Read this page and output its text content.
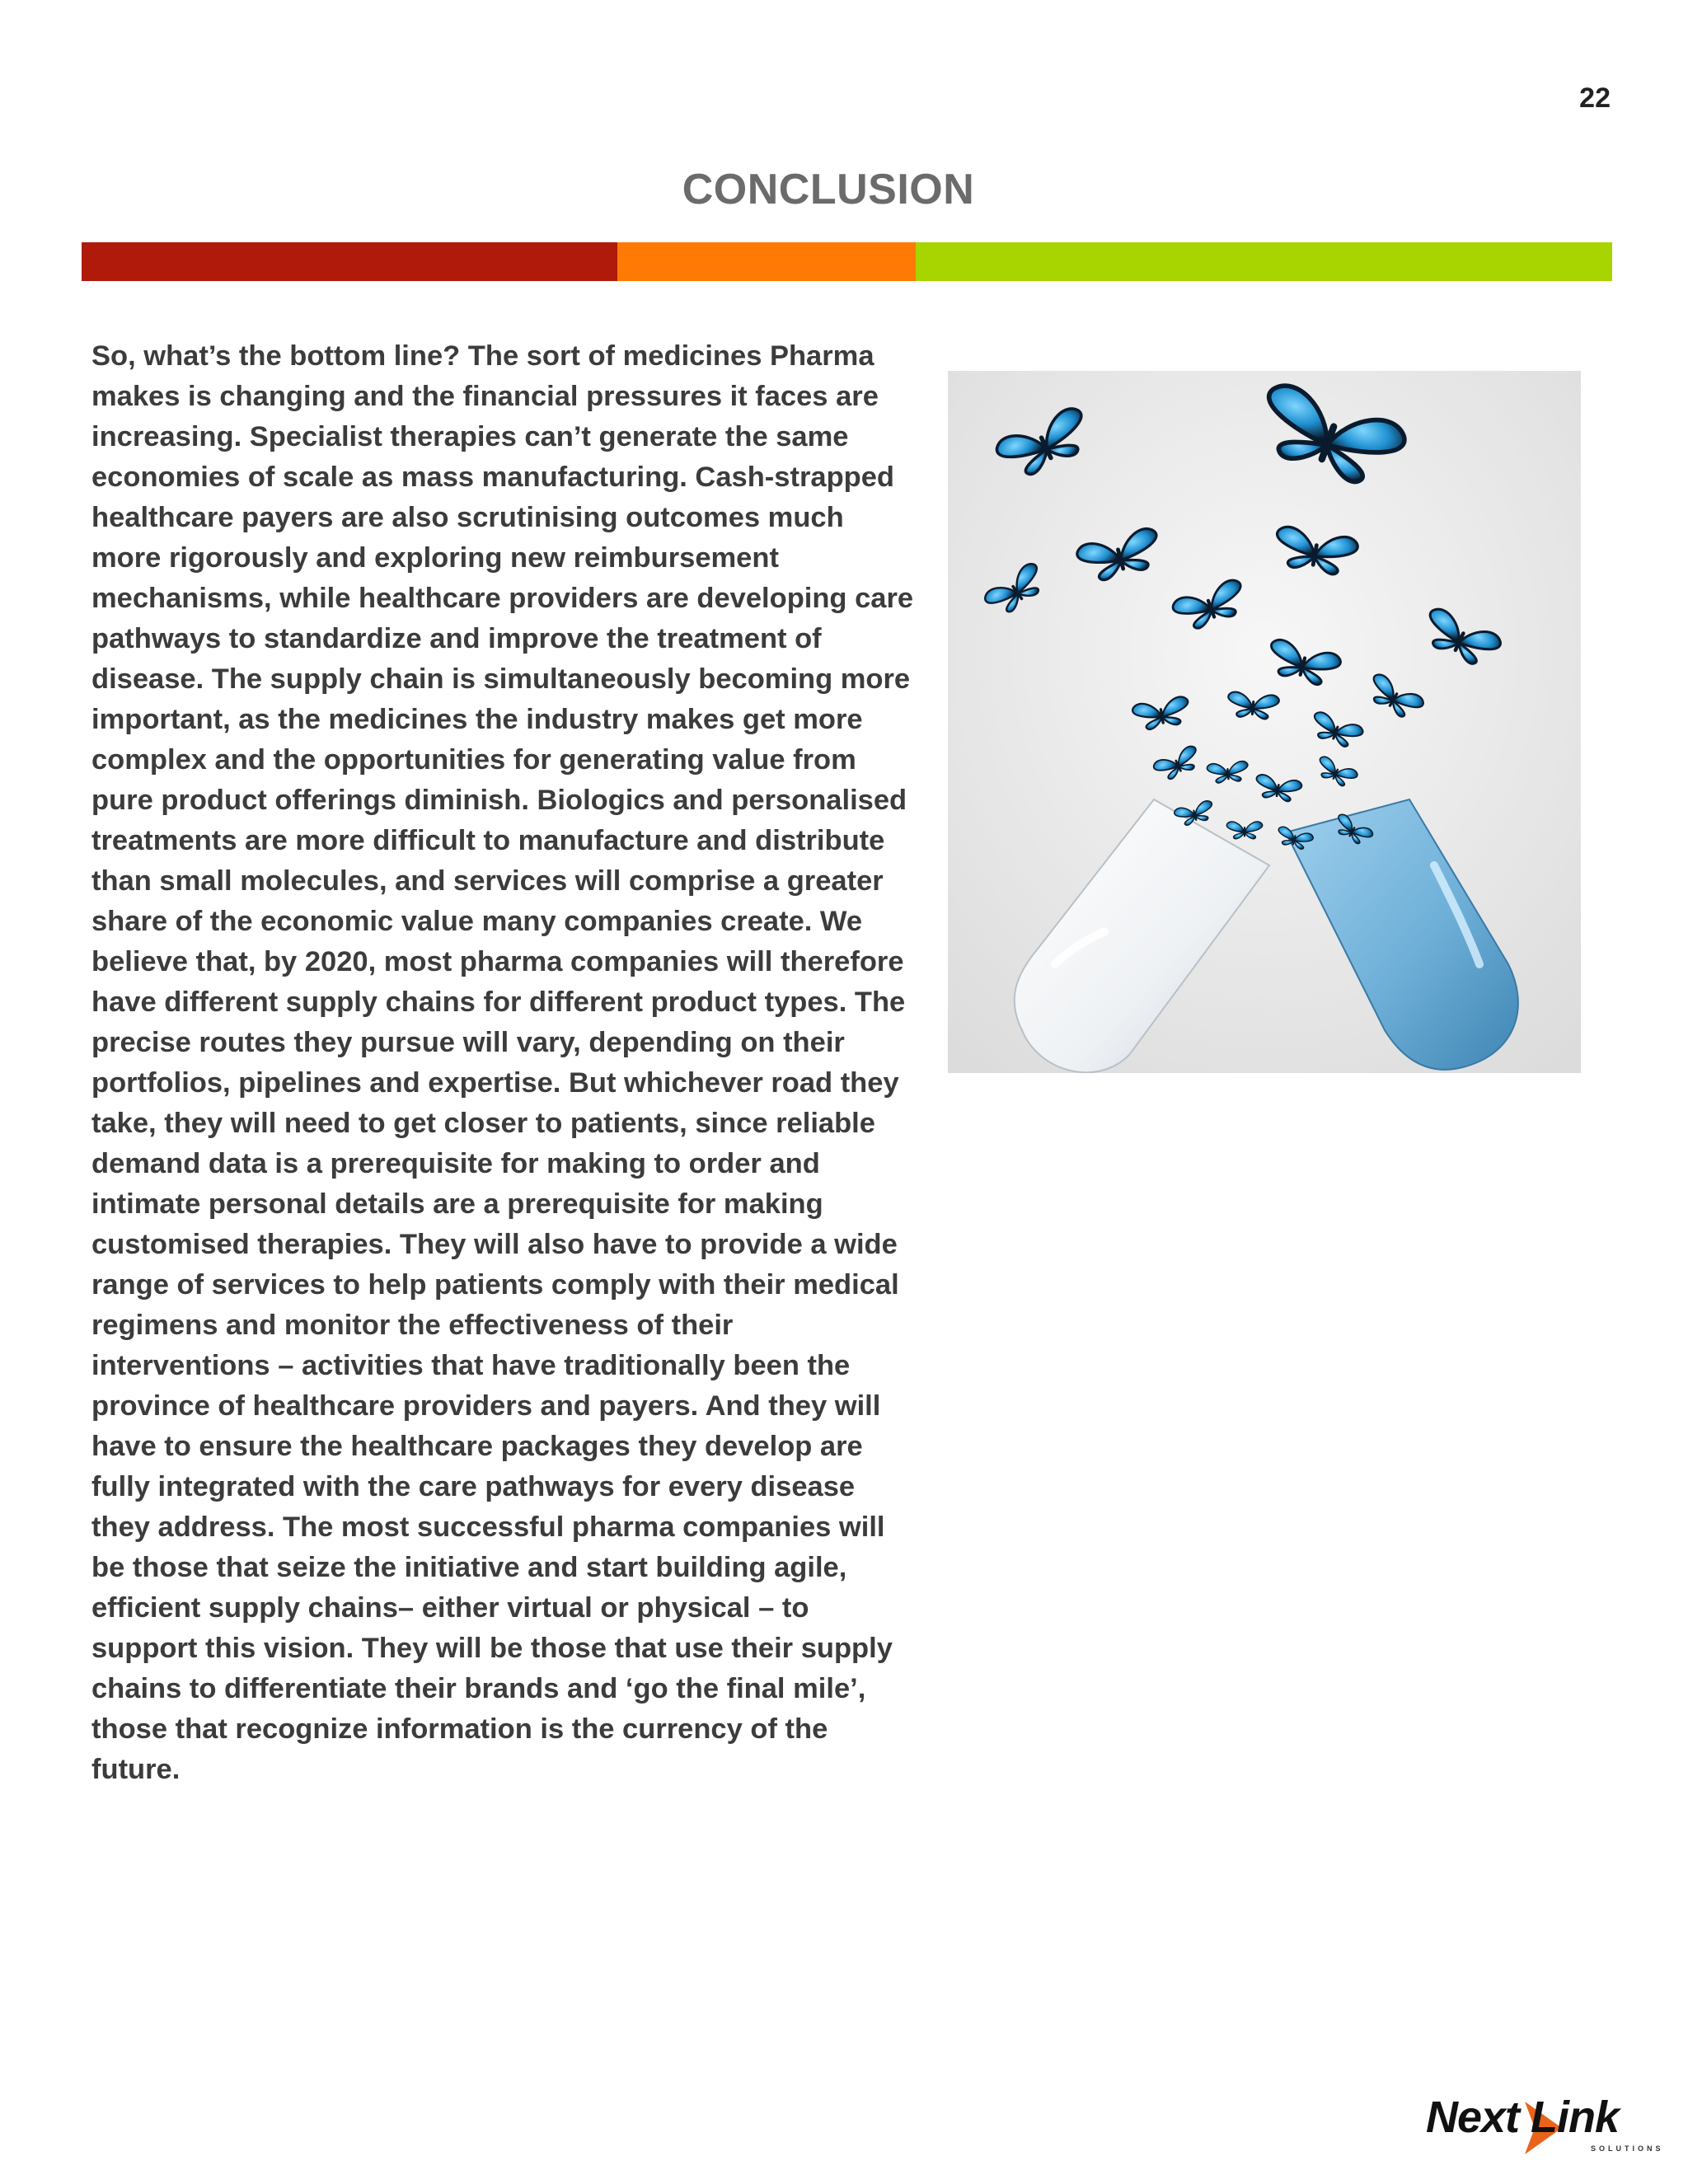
22
CONCLUSION

So, what’s the bottom line? The sort of medicines Pharma makes is changing and the financial pressures it faces are increasing. Specialist therapies can’t generate the same economies of scale as mass manufacturing. Cash-strapped healthcare payers are also scrutinising outcomes much more rigorously and exploring new reimbursement mechanisms, while healthcare providers are developing care pathways to standardize and improve the treatment of disease. The supply chain is simultaneously becoming more important, as the medicines the industry makes get more complex and the opportunities for generating value from pure product offerings diminish. Biologics and personalised treatments are more difficult to manufacture and distribute than small molecules, and services will comprise a greater share of the economic value many companies create. We believe that, by 2020, most pharma companies will therefore have different supply chains for different product types. The precise routes they pursue will vary, depending on their portfolios, pipelines and expertise. But whichever road they take, they will need to get closer to patients, since reliable demand data is a prerequisite for making to order and intimate personal details are a prerequisite for making customised therapies. They will also have to provide a wide range of services to help patients comply with their medical regimens and monitor the effectiveness of their interventions – activities that have traditionally been the province of healthcare providers and payers. And they will have to ensure the healthcare packages they develop are fully integrated with the care pathways for every disease they address. The most successful pharma companies will be those that seize the initiative and start building agile, efficient supply chains– either virtual or physical – to support this vision. They will be those that use their supply chains to differentiate their brands and ‘go the final mile’, those that recognize information is the currency of the future.

Next Link
SOLUTIONS
